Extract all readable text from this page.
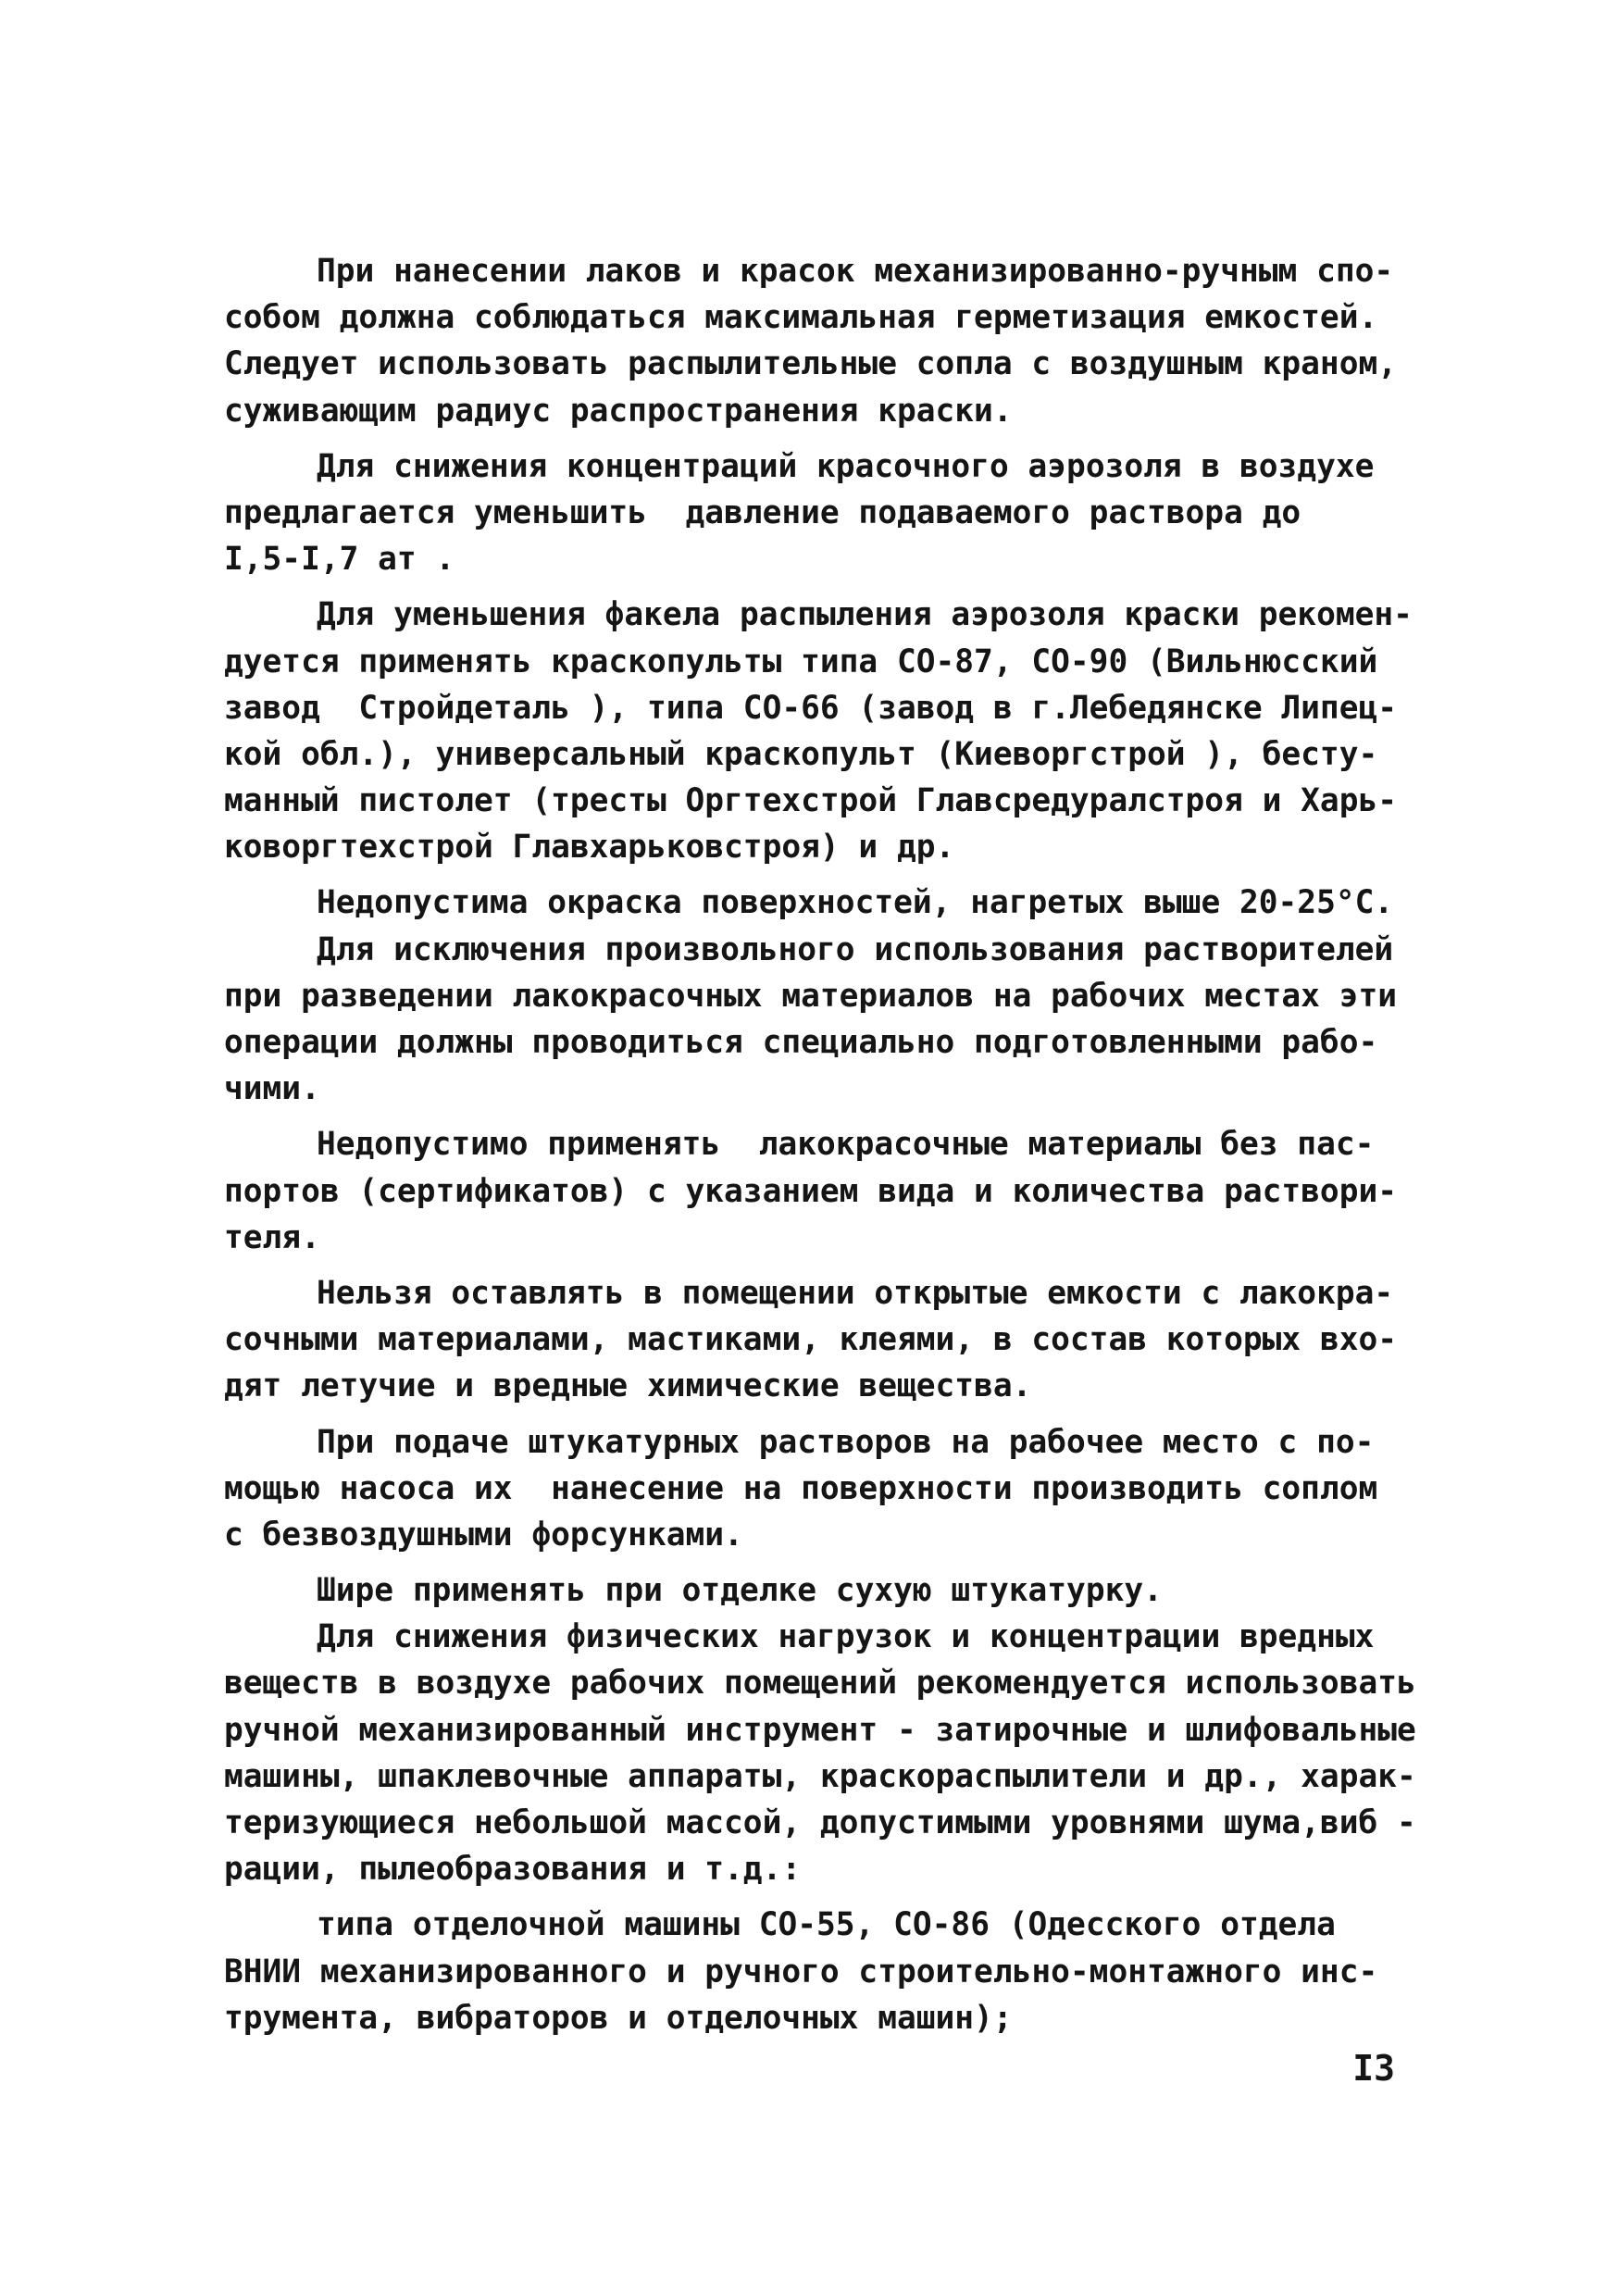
При нанесении лаков и красок механизированно-ручным спо-
собом должна соблюдаться максимальная герметизация емкостей.
Следует использовать распылительные сопла с воздушным краном,
суживающим радиус распространения краски.
Для снижения концентраций красочного аэрозоля в воздухе
предлагается уменьшить  давление подаваемого раствора до
I,5-I,7 ат .
Для уменьшения факела распыления аэрозоля краски рекомен-
дуется применять краскопульты типа СО-87, СО-90 (Вильнюсский
завод  Стройдеталь ), типа СО-66 (завод в г.Лебедянске Липец-
кой обл.), универсальный краскопульт (Киеворгстрой ), бесту-
манный пистолет (тресты Оргтехстрой Главсредуралстроя и Харь-
коворгтехстрой Главхарьковстроя) и др.
Недопустима окраска поверхностей, нагретых выше 20-25°С.
Для исключения произвольного использования растворителей
при разведении лакокрасочных материалов на рабочих местах эти
операции должны проводиться специально подготовленными рабо-
чими.
Недопустимо применять  лакокрасочные материалы без пас-
портов (сертификатов) с указанием вида и количества раствори-
теля.
Нельзя оставлять в помещении открытые емкости с лакокра-
сочными материалами, мастиками, клеями, в состав которых вхо-
дят летучие и вредные химические вещества.
При подаче штукатурных растворов на рабочее место с по-
мощью насоса их  нанесение на поверхности производить соплом
с безвоздушными форсунками.
Шире применять при отделке сухую штукатурку.
Для снижения физических нагрузок и концентрации вредных
веществ в воздухе рабочих помещений рекомендуется использовать
ручной механизированный инструмент - затирочные и шлифовальные
машины, шпаклевочные аппараты, краскораспылители и др., харак-
теризующиеся небольшой массой, допустимыми уровнями шума,виб -
рации, пылеобразования и т.д.:
типа отделочной машины СО-55, СО-86 (Одесского отдела
ВНИИ механизированного и ручного строительно-монтажного инс-
трумента, вибраторов и отделочных машин);
I3
